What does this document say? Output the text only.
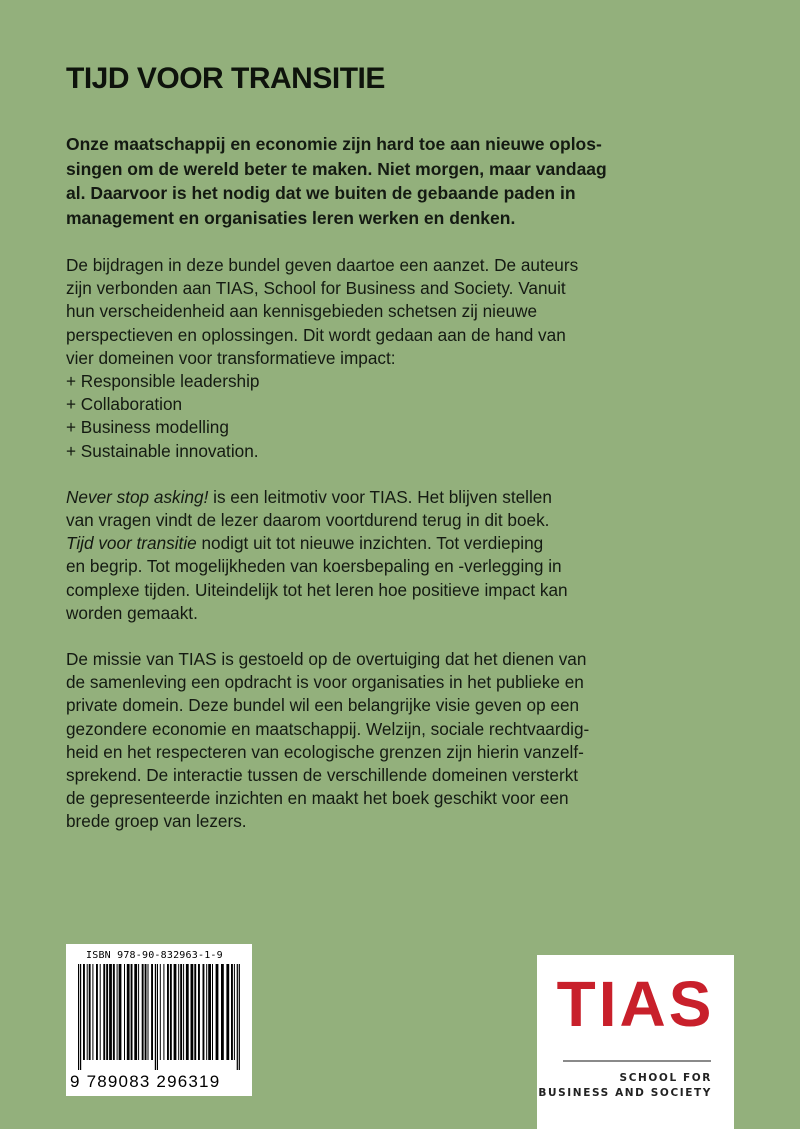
TIJD VOOR TRANSITIE

Onze maatschappij en economie zijn hard toe aan nieuwe oplos-
singen om de wereld beter te maken. Niet morgen, maar vandaag
al. Daarvoor is het nodig dat we buiten de gebaande paden in
management en organisaties leren werken en denken.

De bijdragen in deze bundel geven daartoe een aanzet. De auteurs
zijn verbonden aan TIAS, School for Business and Society. Vanuit
hun verscheidenheid aan kennisgebieden schetsen zij nieuwe
perspectieven en oplossingen. Dit wordt gedaan aan de hand van
vier domeinen voor transformatieve impact:
+ Responsible leadership
+ Collaboration
+ Business modelling
+ Sustainable innovation.

Never stop asking! is een leitmotiv voor TIAS. Het blijven stellen
van vragen vindt de lezer daarom voortdurend terug in dit boek.
Tijd voor transitie nodigt uit tot nieuwe inzichten. Tot verdieping
en begrip. Tot mogelijkheden van koersbepaling en -verlegging in
complexe tijden. Uiteindelijk tot het leren hoe positieve impact kan
worden gemaakt.

De missie van TIAS is gestoeld op de overtuiging dat het dienen van
de samenleving een opdracht is voor organisaties in het publieke en
private domein. Deze bundel wil een belangrijke visie geven op een
gezondere economie en maatschappij. Welzijn, sociale rechtvaardig-
heid en het respecteren van ecologische grenzen zijn hierin vanzelf-
sprekend. De interactie tussen de verschillende domeinen versterkt
de gepresenteerde inzichten en maakt het boek geschikt voor een
brede groep van lezers.

ISBN 978-90-832963-1-9
9 789083 296319
TIAS
SCHOOL FOR
BUSINESS AND SOCIETY
